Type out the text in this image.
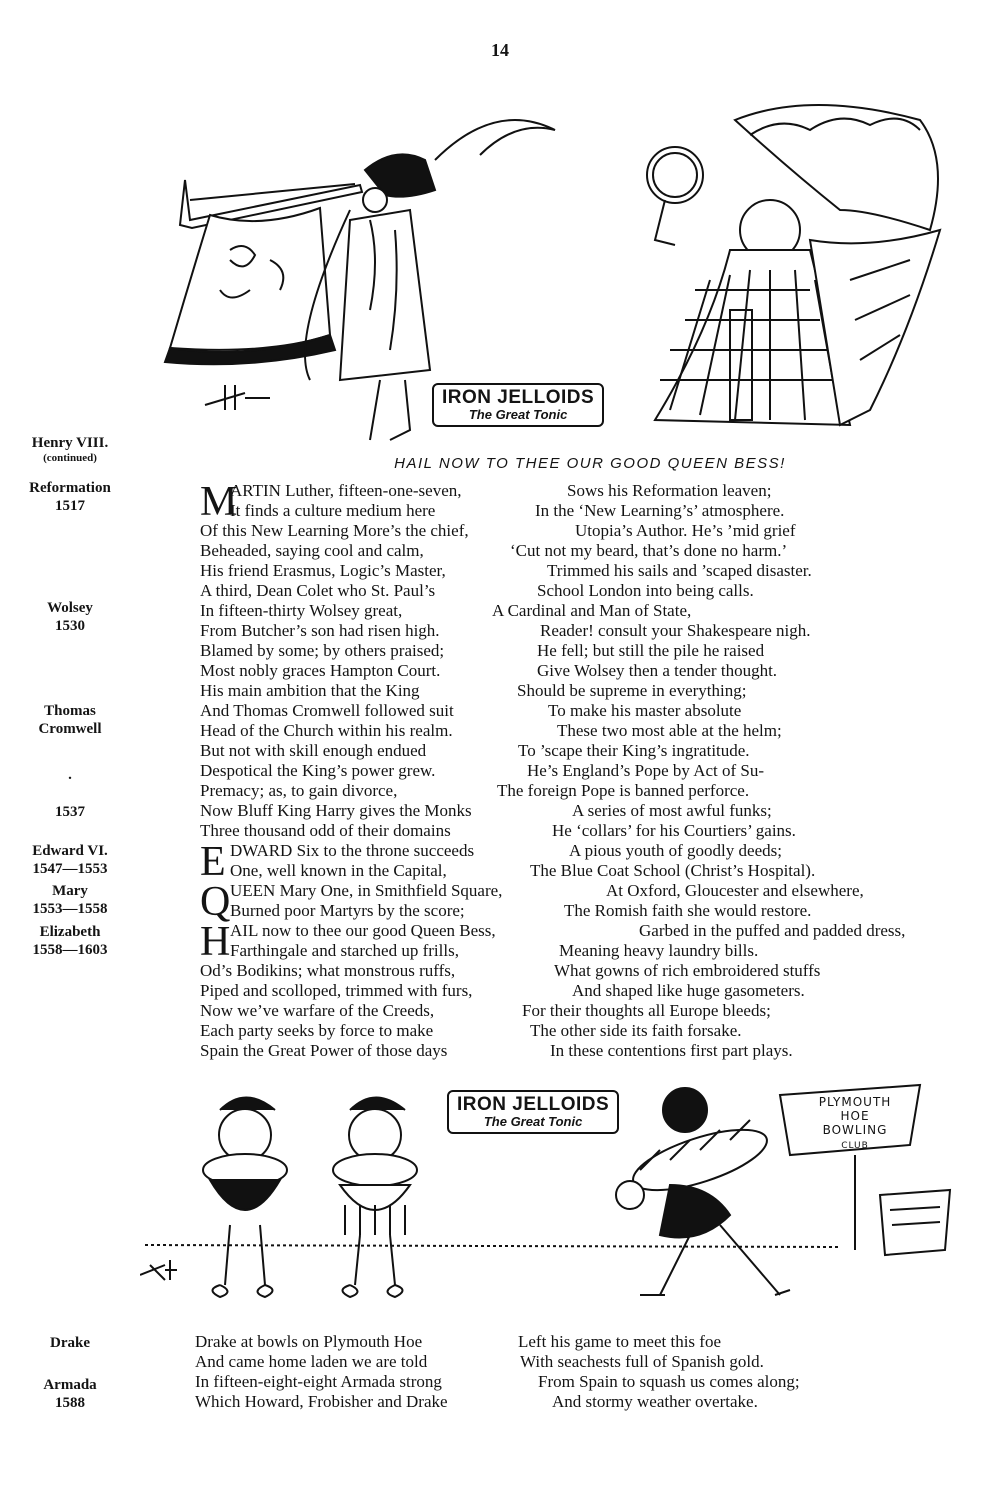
14
IRON JELLOIDS
The Great Tonic
Henry VIII.
(continued)
Reformation
1517
Wolsey
1530
Thomas
Cromwell
.
1537
Edward VI.
1547—1553
Mary
1553—1558
Elizabeth
1558—1603
Drake
Armada
1588
HAIL NOW TO THEE OUR GOOD QUEEN BESS!
M
ARTIN Luther, fifteen-one-seven,	Sows his Reformation leaven;
It finds a culture medium here	In the ‘New Learning’s’ atmosphere.
Of this New Learning More’s the chief,	Utopia’s Author. He’s ’mid grief
Beheaded, saying cool and calm,	‘Cut not my beard, that’s done no harm.’
His friend Erasmus, Logic’s Master,	Trimmed his sails and ’scaped disaster.
A third, Dean Colet who St. Paul’s	School London into being calls.
In fifteen-thirty Wolsey great,	A Cardinal and Man of State,
From Butcher’s son had risen high.	Reader! consult your Shakespeare nigh.
Blamed by some; by others praised;	He fell; but still the pile he raised
Most nobly graces Hampton Court.	Give Wolsey then a tender thought.
His main ambition that the King	Should be supreme in everything;
And Thomas Cromwell followed suit	To make his master absolute
Head of the Church within his realm.	These two most able at the helm;
But not with skill enough endued	To ’scape their King’s ingratitude.
Despotical the King’s power grew.	He’s England’s Pope by Act of Su-
Premacy; as, to gain divorce,	The foreign Pope is banned perforce.
Now Bluff King Harry gives the Monks	A series of most awful funks;
Three thousand odd of their domains	He ‘collars’ for his Courtiers’ gains.
E DWARD Six to the throne succeeds	A pious youth of goodly deeds;
One, well known in the Capital,	The Blue Coat School (Christ’s Hospital).
Q UEEN Mary One, in Smithfield Square,	At Oxford, Gloucester and elsewhere,
Burned poor Martyrs by the score;	The Romish faith she would restore.
H AIL now to thee our good Queen Bess,	Garbed in the puffed and padded dress,
Farthingale and starched up frills,	Meaning heavy laundry bills.
Od’s Bodikins; what monstrous ruffs,	What gowns of rich embroidered stuffs
Piped and scolloped, trimmed with furs,	And shaped like huge gasometers.
Now we’ve warfare of the Creeds,	For their thoughts all Europe bleeds;
Each party seeks by force to make	The other side its faith forsake.
Spain the Great Power of those days	In these contentions first part plays.
PLYMOUTH
HOE
BOWLING
CLUB
IRON JELLOIDS
The Great Tonic
Drake at bowls on Plymouth Hoe	Left his game to meet this foe
And came home laden we are told	With seachests full of Spanish gold.
In fifteen-eight-eight Armada strong	From Spain to squash us comes along;
Which Howard, Frobisher and Drake	And stormy weather overtake.
